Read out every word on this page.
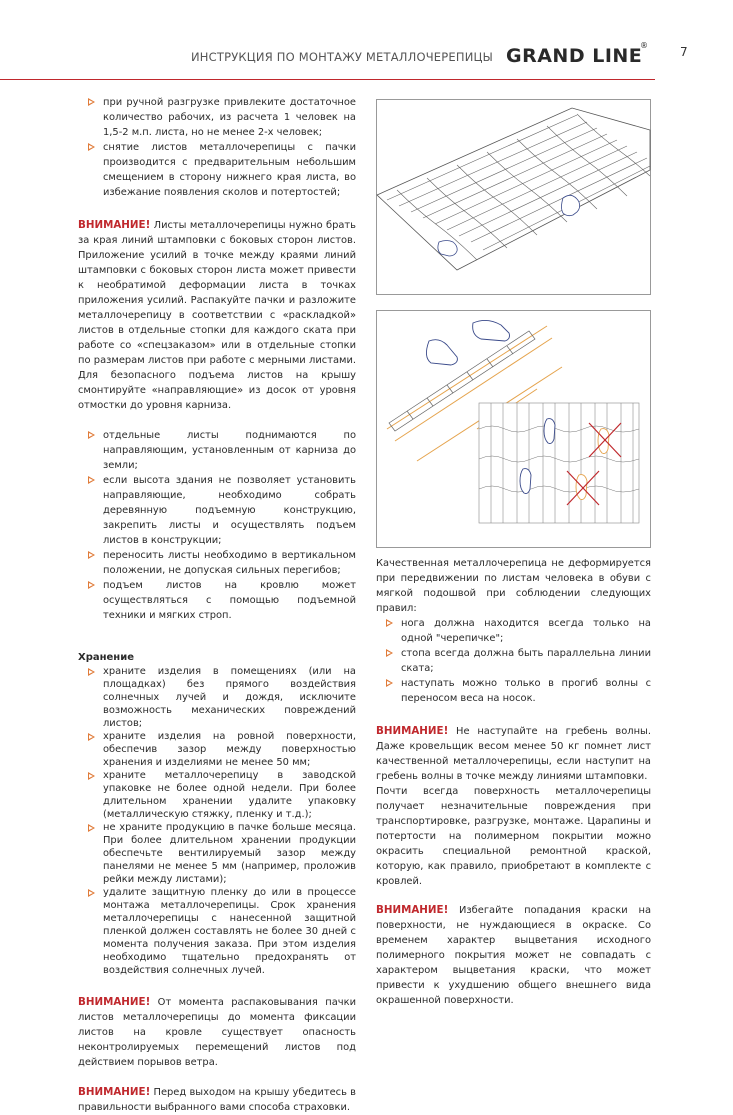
ИНСТРУКЦИЯ ПО МОНТАЖУ МЕТАЛЛОЧЕРЕПИЦЫ GRAND LINE
®	7
при ручной разгрузке привлеките достаточное количество рабочих, из расчета 1 человек на 1,5-2 м.п. листа, но не менее 2-х человек;
снятие листов металлочерепицы с пачки производится с предварительным небольшим смещением в сторону нижнего края листа, во избежание появления сколов и потертостей;

ВНИМАНИЕ! Листы металлочерепицы нужно брать за края линий штамповки с боковых сторон листов. Приложение усилий в точке между краями линий штамповки с боковых сторон листа может привести к необратимой деформации листа в точках приложения усилий. Распакуйте пачки и разложите металлочерепицу в соответствии с «раскладкой» листов в отдельные стопки для каждого ската при работе со «спецзаказом» или в отдельные стопки по размерам листов при работе с мерными листами. Для безопасного подъема листов на крышу смонтируйте «направляющие» из досок от уровня отмостки до уровня карниза.

отдельные листы поднимаются по направляющим, установленным от карниза до земли;
если высота здания не позволяет установить направляющие, необходимо собрать деревянную подъемную конструкцию, закрепить листы и осуществлять подъем листов в конструкции;
переносить листы необходимо в вертикальном положении, не допуская сильных перегибов;
подъем листов на кровлю может осуществляться с помощью подъемной техники и мягких строп.

Хранение

храните изделия в помещениях (или на площадках) без прямого воздействия солнечных лучей и дождя, исключите возможность механических повреждений листов;
храните изделия на ровной поверхности, обеспечив зазор между поверхностью хранения и изделиями не менее 50 мм;
храните металлочерепицу в заводской упаковке не более одной недели. При более длительном хранении удалите упаковку (металлическую стяжку, пленку и т.д.);
не храните продукцию в пачке больше месяца. При более длительном хранении продукции обеспечьте вентилируемый зазор между панелями не менее 5 мм (например, проложив рейки между листами);
удалите защитную пленку до или в процессе монтажа металлочерепицы. Срок хранения металлочерепицы с нанесенной защитной пленкой должен составлять не более 30 дней с момента получения заказа. При этом изделия необходимо тщательно предохранять от воздействия солнечных лучей.

ВНИМАНИЕ! От момента распаковывания пачки листов металлочерепицы до момента фиксации листов на кровле существует опасность неконтролируемых перемещений листов под действием порывов ветра.

ВНИМАНИЕ! Перед выходом на крышу убедитесь в правильности выбранного вами способа страховки.

Качественная металлочерепица не деформируется при передвижении по листам человека в обуви с мягкой подошвой при соблюдении следующих правил:

нога должна находится всегда только на одной "черепичке";
стопа всегда должна быть параллельна линии ската;
наступать можно только в прогиб волны с переносом веса на носок.

ВНИМАНИЕ! Не наступайте на гребень волны. Даже кровельщик весом менее 50 кг помнет лист качественной металлочерепицы, если наступит на гребень волны в точке между линиями штамповки.

Почти всегда поверхность металлочерепицы получает незначительные повреждения при транспортировке, разгрузке, монтаже. Царапины и потертости на полимерном покрытии можно окрасить специальной ремонтной краской, которую, как правило, приобретают в комплекте с кровлей.

ВНИМАНИЕ! Избегайте попадания краски на поверхности, не нуждающиеся в окраске. Со временем характер выцветания исходного полимерного покрытия может не совпадать с характером выцветания краски, что может привести к ухудшению общего внешнего вида окрашенной поверхности.
